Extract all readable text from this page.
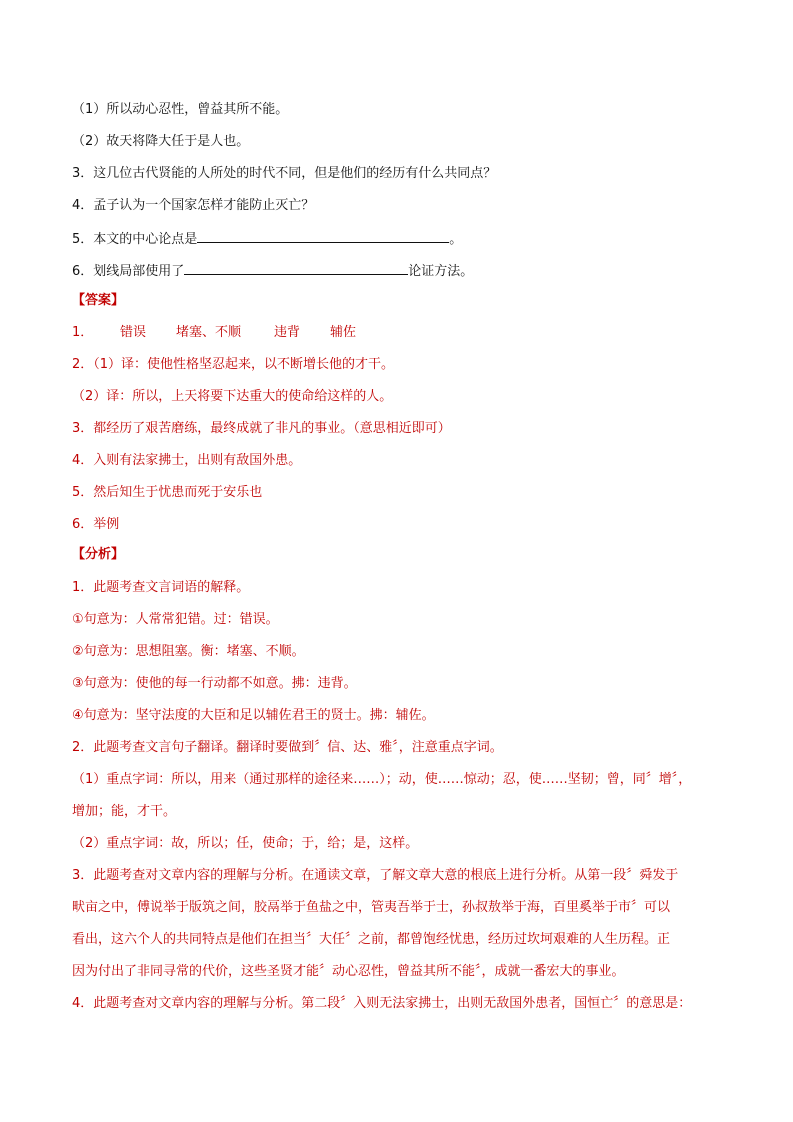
（1）所以动心忍性，曾益其所不能。
（2）故天将降大任于是人也。
3．这几位古代贤能的人所处的时代不同，但是他们的经历有什么共同点？
4．孟子认为一个国家怎样才能防止灭亡？
5．本文的中心论点是	。
6．划线局部使用了	论证方法。
【答案】
1． 错误 堵塞、不顺	违背 辅佐
2．（1）译：使他性格坚忍起来，以不断增长他的才干。
（2）译：所以，上天将要下达重大的使命给这样的人。
3．都经历了艰苦磨练，最终成就了非凡的事业。（意思相近即可）
4．入则有法家拂士，出则有敌国外患。
5．然后知生于忧患而死于安乐也
6．举例
【分析】
1．此题考查文言词语的解释。
①句意为：人常常犯错。过：错误。
②句意为：思想阻塞。衡：堵塞、不顺。
③句意为：使他的每一行动都不如意。拂：违背。
④句意为：坚守法度的大臣和足以辅佐君王的贤士。拂：辅佐。
2．此题考查文言句子翻译。翻译时要做到〞信、达、雅〞，注意重点字词。
（1）重点字词：所以，用来（通过那样的途径来……）；动，使……惊动；忍，使……坚韧；曾，同〞增〞，
增加；能，才干。
（2）重点字词：故，所以；任，使命；于，给；是，这样。
3．此题考查对文章内容的理解与分析。在通读文章，了解文章大意的根底上进行分析。从第一段〞舜发于
畎亩之中，傅说举于版筑之间，胶鬲举于鱼盐之中，管夷吾举于士，孙叔敖举于海，百里奚举于市〞可以
看出，这六个人的共同特点是他们在担当〞大任〞之前，都曾饱经忧患，经历过坎坷艰难的人生历程。正
因为付出了非同寻常的代价，这些圣贤才能〞动心忍性，曾益其所不能〞，成就一番宏大的事业。
4．此题考查对文章内容的理解与分析。第二段〞入则无法家拂士，出则无敌国外患者，国恒亡〞的意思是：
